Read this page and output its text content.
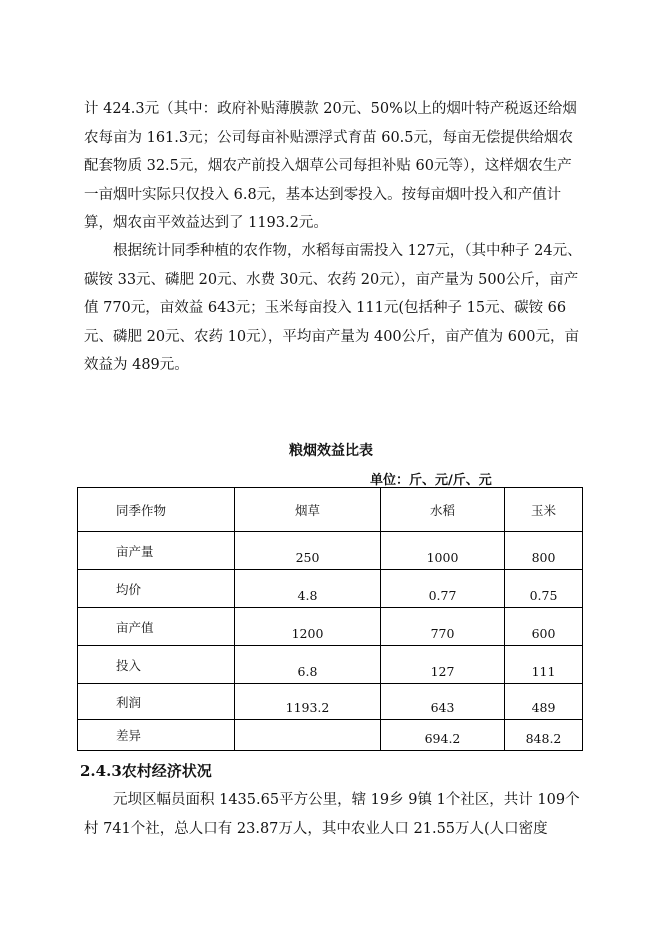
计 424.3元（其中：政府补贴薄膜款 20元、50%以上的烟叶特产税返还给烟农每亩为 161.3元；公司每亩补贴漂浮式育苗 60.5元，每亩无偿提供给烟农配套物质 32.5元，烟农产前投入烟草公司每担补贴 60元等），这样烟农生产一亩烟叶实际只仅投入 6.8元，基本达到零投入。按每亩烟叶投入和产值计算，烟农亩平效益达到了 1193.2元。

根据统计同季种植的农作物，水稻每亩需投入 127元，（其中种子 24元、碳铵 33元、磷肥 20元、水费 30元、农药 20元），亩产量为 500公斤，亩产值 770元，亩效益 643元；玉米每亩投入 111元(包括种子 15元、碳铵 66元、磷肥 20元、农药 10元），平均亩产量为 400公斤，亩产值为 600元，亩效益为 489元。

粮烟效益比表
单位：斤、元/斤、元
同季作物	烟草	水稻	玉米
亩产量	250	1000	800
均价	4.8	0.77	0.75
亩产值	1200	770	600
投入	6.8	127	111
利润	1193.2	643	489
差异		694.2	848.2
2.4.3农村经济状况

元坝区幅员面积 1435.65平方公里，辖 19乡 9镇 1个社区，共计 109个村 741个社，总人口有 23.87万人，其中农业人口 21.55万人(人口密度
